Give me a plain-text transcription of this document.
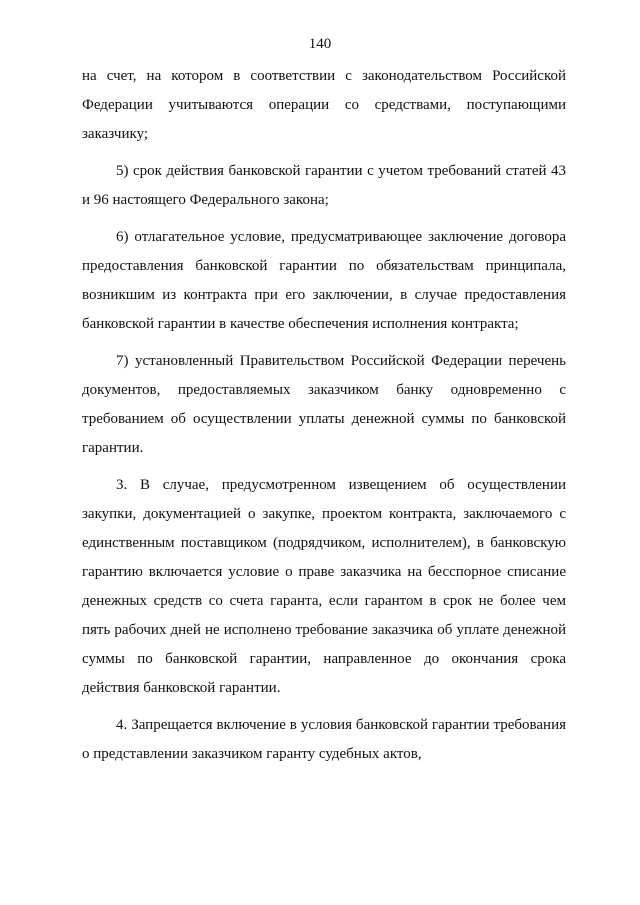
140

на счет, на котором в соответствии с законодательством Российской Федерации учитываются операции со средствами, поступающими заказчику;

5) срок действия банковской гарантии с учетом требований статей 43 и 96 настоящего Федерального закона;

6) отлагательное условие, предусматривающее заключение договора предоставления банковской гарантии по обязательствам принципала, возникшим из контракта при его заключении, в случае предоставления банковской гарантии в качестве обеспечения исполнения контракта;

7) установленный Правительством Российской Федерации перечень документов, предоставляемых заказчиком банку одновременно с требованием об осуществлении уплаты денежной суммы по банковской гарантии.

3. В случае, предусмотренном извещением об осуществлении закупки, документацией о закупке, проектом контракта, заключаемого с единственным поставщиком (подрядчиком, исполнителем), в банковскую гарантию включается условие о праве заказчика на бесспорное списание денежных средств со счета гаранта, если гарантом в срок не более чем пять рабочих дней не исполнено требование заказчика об уплате денежной суммы по банковской гарантии, направленное до окончания срока действия банковской гарантии.

4. Запрещается включение в условия банковской гарантии требования о представлении заказчиком гаранту судебных актов,
